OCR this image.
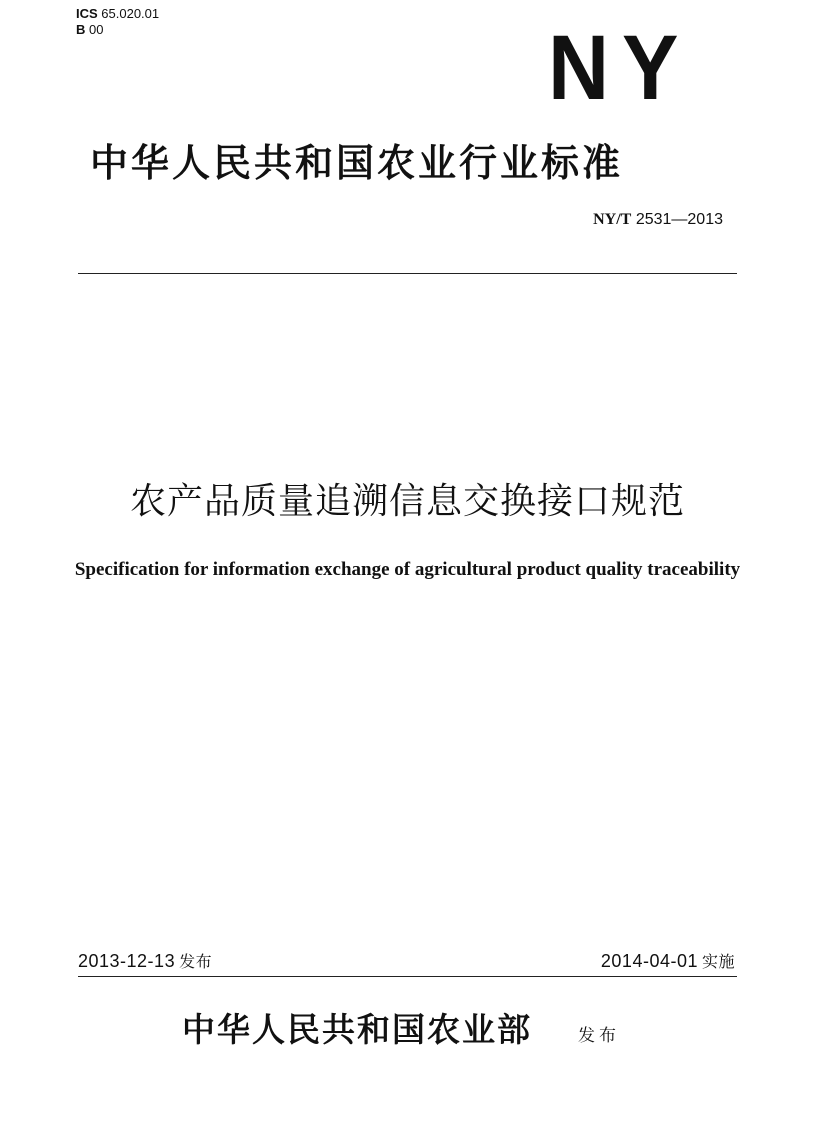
ICS 65.020.01
B 00	NY
中华人民共和国农业行业标准
NY/T 2531—2013
农产品质量追溯信息交换接口规范
Specification for information exchange of agricultural product quality traceability
2013-12-13 发布	2014-04-01 实施
中华人民共和国农业部	发布
